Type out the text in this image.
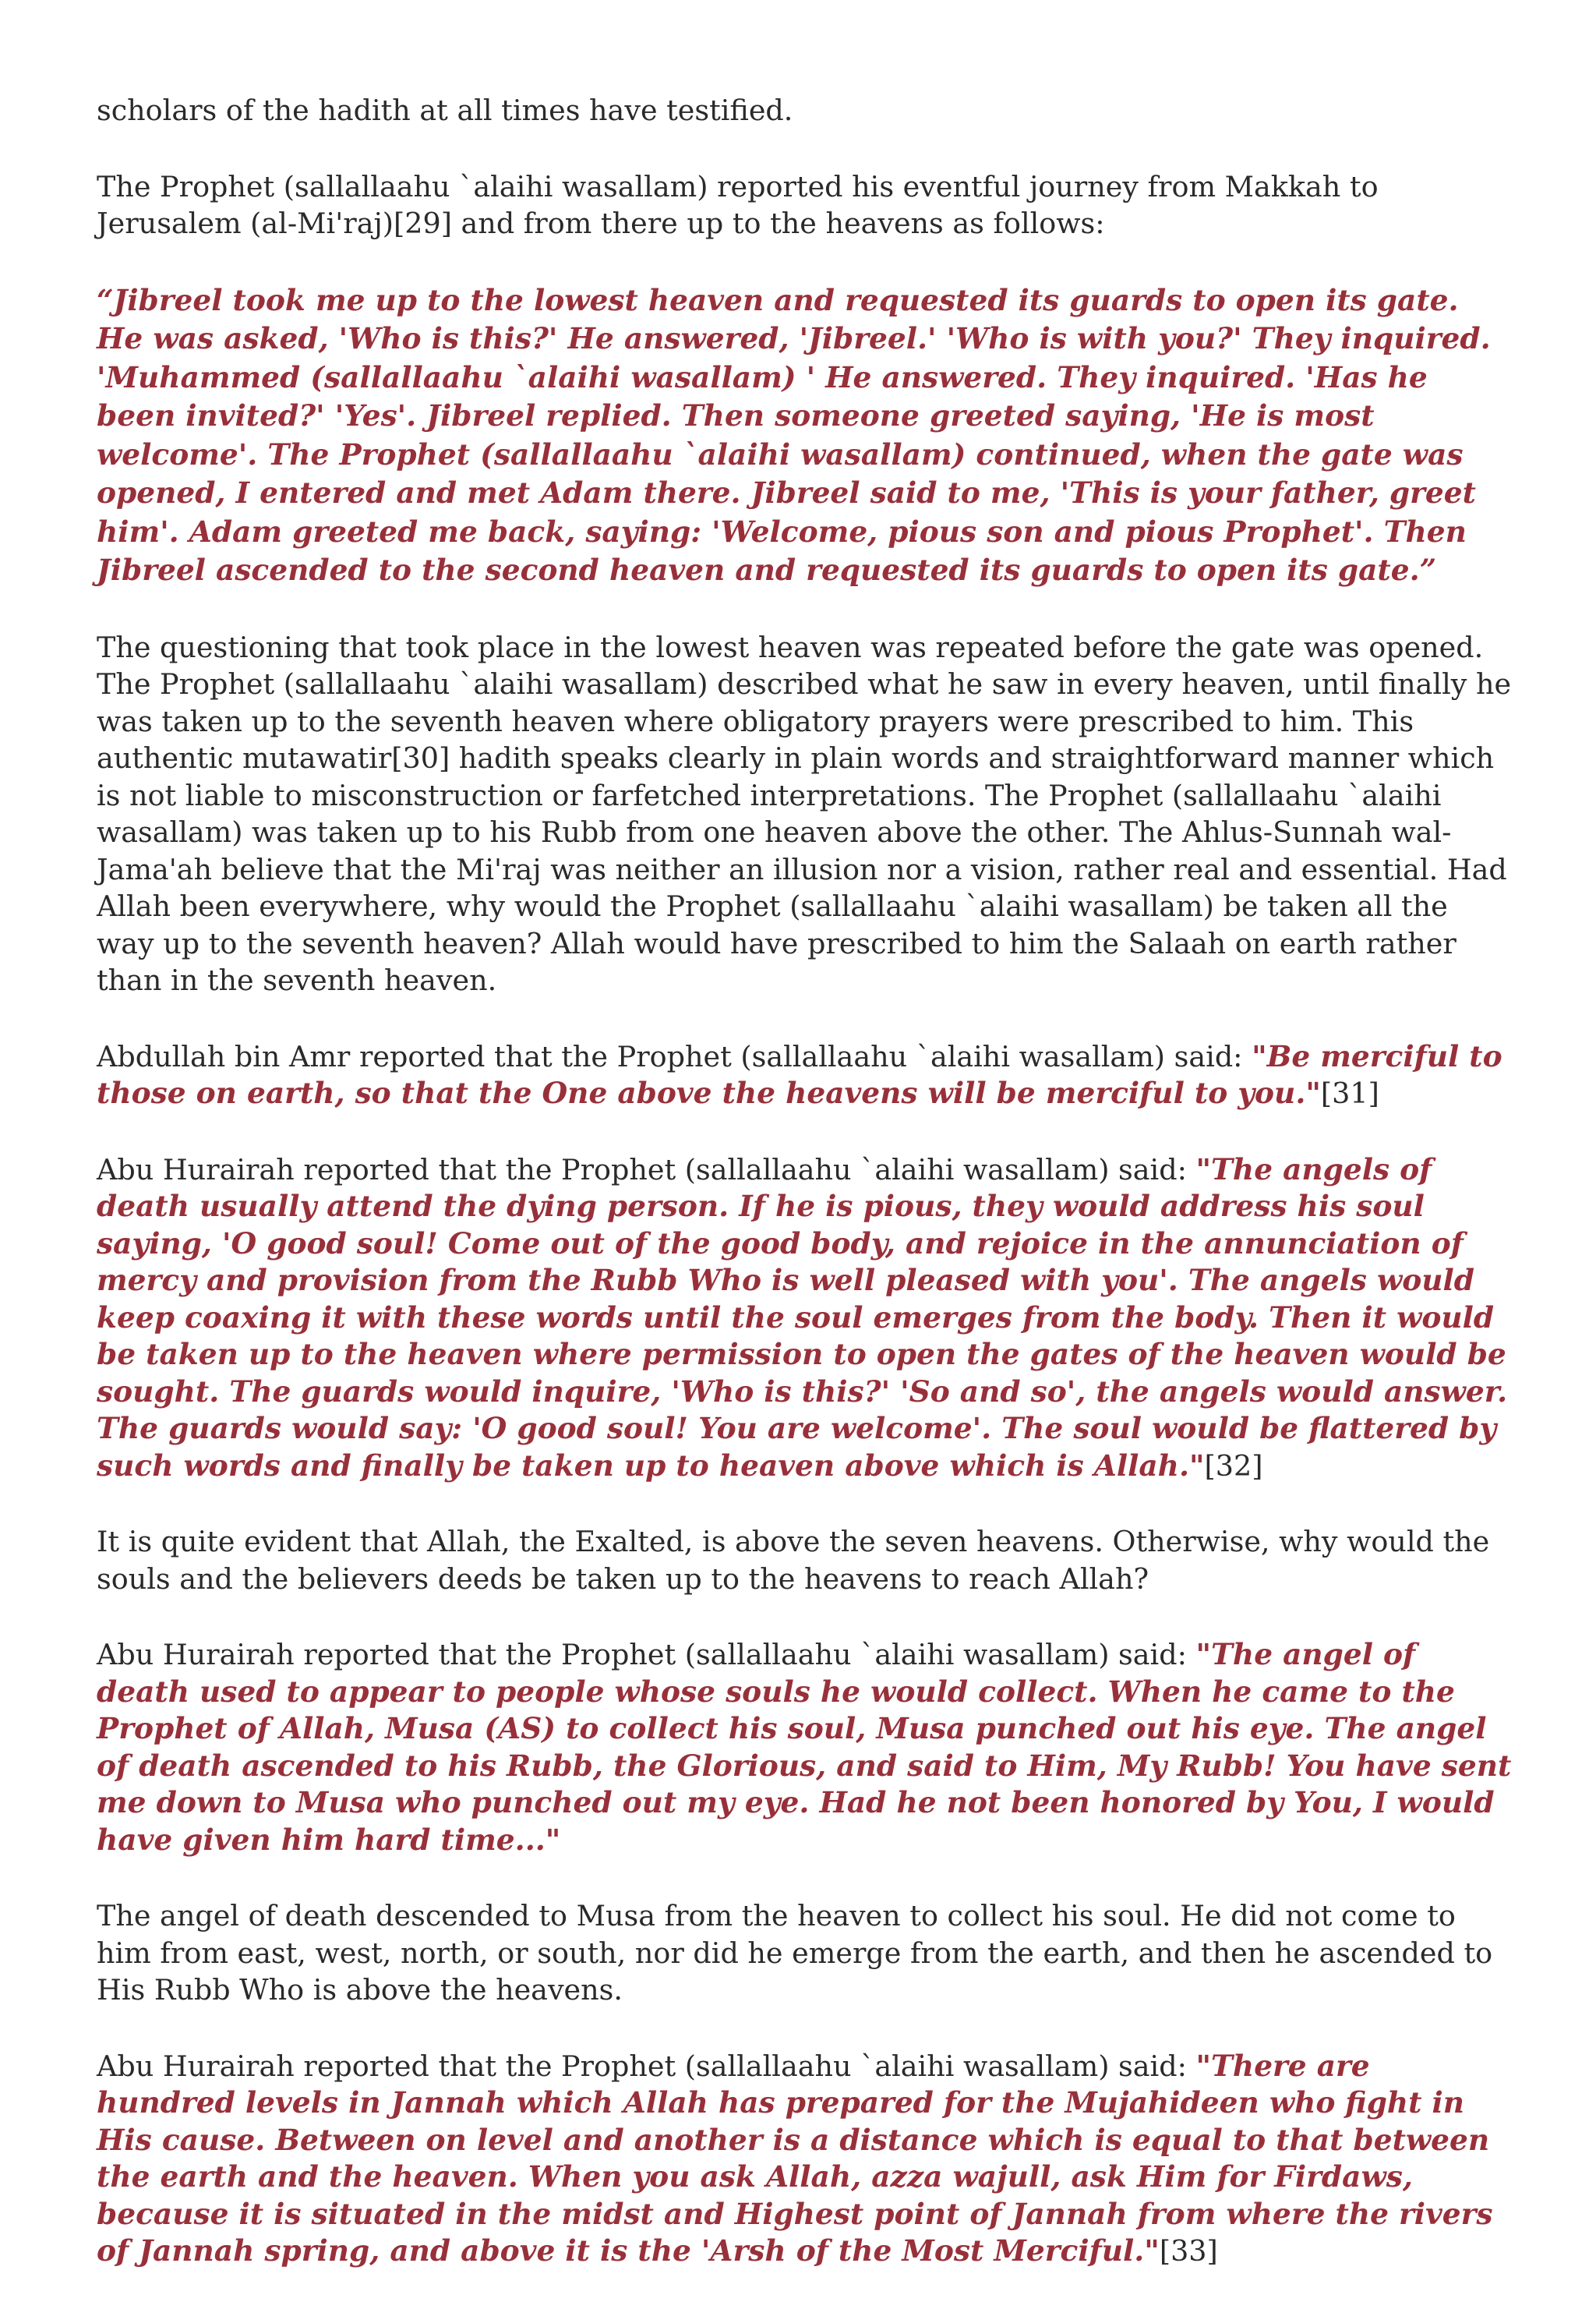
scholars of the hadith at all times have testified.

The Prophet (sallallaahu `alaihi wasallam) reported his eventful journey from Makkah to Jerusalem (al-Mi'raj)[29] and from there up to the heavens as follows:

“Jibreel took me up to the lowest heaven and requested its guards to open its gate. He was asked, 'Who is this?' He answered, 'Jibreel.' 'Who is with you?' They inquired. 'Muhammed (sallallaahu `alaihi wasallam) ' He answered. They inquired. 'Has he been invited?' 'Yes'. Jibreel replied. Then someone greeted saying, 'He is most welcome'. The Prophet (sallallaahu `alaihi wasallam) continued, when the gate was opened, I entered and met Adam there. Jibreel said to me, 'This is your father, greet him'. Adam greeted me back, saying: 'Welcome, pious son and pious Prophet'. Then Jibreel ascended to the second heaven and requested its guards to open its gate.”

The questioning that took place in the lowest heaven was repeated before the gate was opened. The Prophet (sallallaahu `alaihi wasallam) described what he saw in every heaven, until finally he was taken up to the seventh heaven where obligatory prayers were prescribed to him. This authentic mutawatir[30] hadith speaks clearly in plain words and straightforward manner which is not liable to misconstruction or farfetched interpretations. The Prophet (sallallaahu `alaihi wasallam) was taken up to his Rubb from one heaven above the other. The Ahlus-Sunnah wal-Jama'ah believe that the Mi'raj was neither an illusion nor a vision, rather real and essential. Had Allah been everywhere, why would the Prophet (sallallaahu `alaihi wasallam) be taken all the way up to the seventh heaven? Allah would have prescribed to him the Salaah on earth rather than in the seventh heaven.

Abdullah bin Amr reported that the Prophet (sallallaahu `alaihi wasallam) said: "Be merciful to those on earth, so that the One above the heavens will be merciful to you."[31]

Abu Hurairah reported that the Prophet (sallallaahu `alaihi wasallam) said: "The angels of death usually attend the dying person. If he is pious, they would address his soul saying, 'O good soul! Come out of the good body, and rejoice in the annunciation of mercy and provision from the Rubb Who is well pleased with you'. The angels would keep coaxing it with these words until the soul emerges from the body. Then it would be taken up to the heaven where permission to open the gates of the heaven would be sought. The guards would inquire, 'Who is this?' 'So and so', the angels would answer. The guards would say: 'O good soul! You are welcome'. The soul would be flattered by such words and finally be taken up to heaven above which is Allah."[32]

It is quite evident that Allah, the Exalted, is above the seven heavens. Otherwise, why would the souls and the believers deeds be taken up to the heavens to reach Allah?

Abu Hurairah reported that the Prophet (sallallaahu `alaihi wasallam) said: "The angel of death used to appear to people whose souls he would collect. When he came to the Prophet of Allah, Musa (AS) to collect his soul, Musa punched out his eye. The angel of death ascended to his Rubb, the Glorious, and said to Him, My Rubb! You have sent me down to Musa who punched out my eye. Had he not been honored by You, I would have given him hard time..."

The angel of death descended to Musa from the heaven to collect his soul. He did not come to him from east, west, north, or south, nor did he emerge from the earth, and then he ascended to His Rubb Who is above the heavens.

Abu Hurairah reported that the Prophet (sallallaahu `alaihi wasallam) said: "There are hundred levels in Jannah which Allah has prepared for the Mujahideen who fight in His cause. Between on level and another is a distance which is equal to that between the earth and the heaven. When you ask Allah, azza wajull, ask Him for Firdaws, because it is situated in the midst and Highest point of Jannah from where the rivers of Jannah spring, and above it is the 'Arsh of the Most Merciful."[33]
